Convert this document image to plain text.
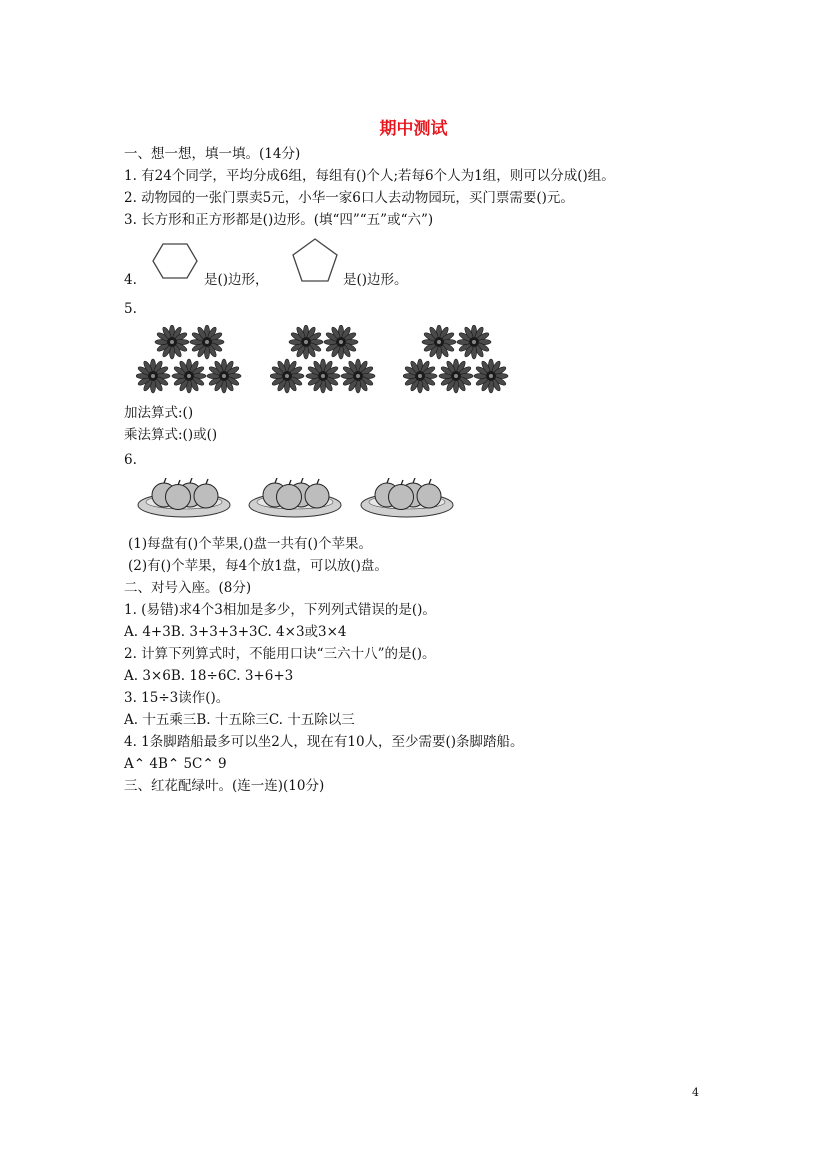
期中测试
一、想一想，填一填。(14分)
1. 有24个同学，平均分成6组，每组有()个人;若每6个人为1组，则可以分成()组。
2. 动物园的一张门票卖5元，小华一家6口人去动物园玩，买门票需要()元。
3. 长方形和正方形都是()边形。(填“四”“五”或“六”)
4.	是()边形，	是()边形。
5.
加法算式:()
乘法算式:()或()
6.
(1)每盘有()个苹果,()盘一共有()个苹果。
(2)有()个苹果，每4个放1盘，可以放()盘。
二、对号入座。(8分)
1. (易错)求4个3相加是多少，下列列式错误的是()。
A. 4+3B. 3+3+3+3C. 4×3或3×4
2. 计算下列算式时，不能用口诀“三六十八”的是()。
A. 3×6B. 18÷6C. 3+6+3
3. 15÷3读作()。
A. 十五乘三B. 十五除三C. 十五除以三
4. 1条脚踏船最多可以坐2人，现在有10人，至少需要()条脚踏船。
A⌃ 4B⌃ 5C⌃ 9
三、红花配绿叶。(连一连)(10分)
4
